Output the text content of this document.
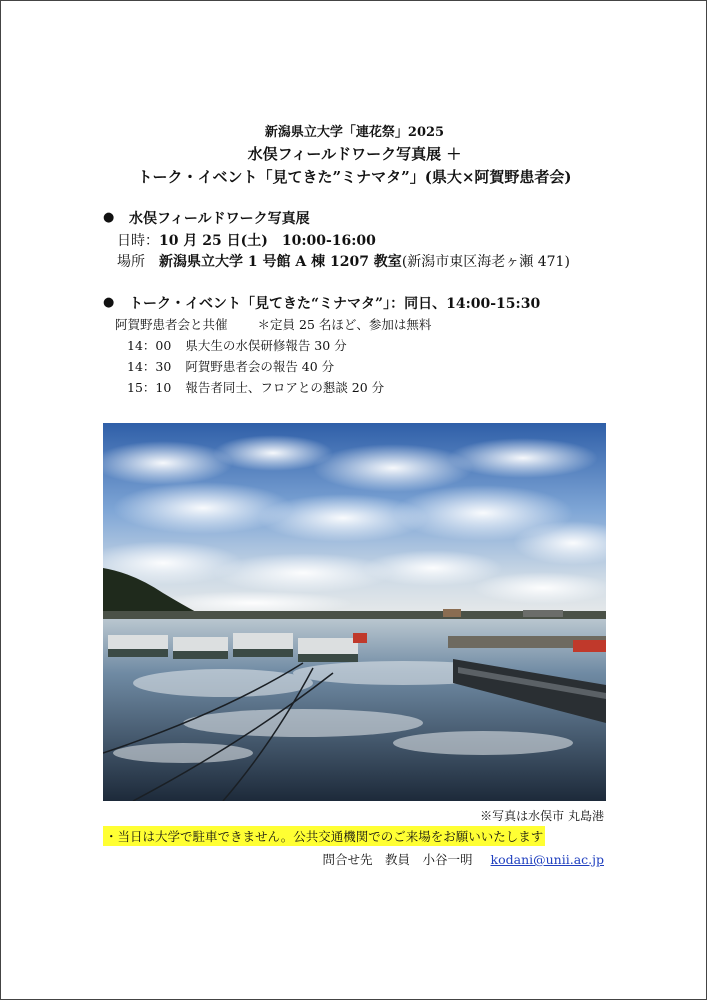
新潟県立大学「連花祭」2025
水俣フィールドワーク写真展 ＋
トーク・イベント「見てきた”ミナマタ”」(県大×阿賀野患者会)
● 水俣フィールドワーク写真展
日時：10 月 25 日(土)　10:00-16:00
場所 新潟県立大学 1 号館 A 棟 1207 教室(新潟市東区海老ヶ瀬 471)
● トーク・イベント「見てきた“ミナマタ”」：同日、14:00-15:30
阿賀野患者会と共催 ＊定員 25 名ほど、参加は無料
14：00 県大生の水俣研修報告 30 分
14：30 阿賀野患者会の報告 40 分
15：10 報告者同士、フロアとの懇談 20 分
※写真は水俣市 丸島港
・当日は大学で駐車できません。公共交通機関でのご来場をお願いいたします
問合せ先　教員　小谷一明 kodani@unii.ac.jp
